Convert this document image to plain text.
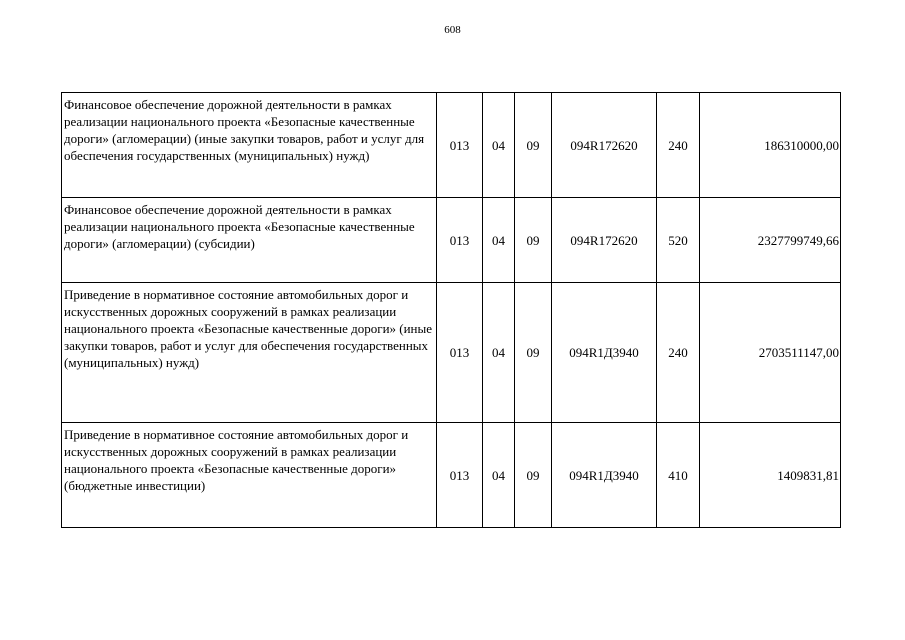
608
Финансовое обеспечение дорожной деятельности в рамках реализации национального проекта «Безопасные качественные дороги» (агломерации) (иные закупки товаров, работ и услуг для обеспечения государственных (муниципальных) нужд)	013	04	09	094R172620	240	186310000,00
Финансовое обеспечение дорожной деятельности в рамках реализации национального проекта «Безопасные качественные дороги» (агломерации) (субсидии)	013	04	09	094R172620	520	2327799749,66
Приведение в нормативное состояние автомобильных дорог и искусственных дорожных сооружений в рамках реализации национального проекта «Безопасные качественные дороги» (иные закупки товаров, работ и услуг для обеспечения государственных (муниципальных) нужд)	013	04	09	094R1Д3940	240	2703511147,00
Приведение в нормативное состояние автомобильных дорог и искусственных дорожных сооружений в рамках реализации национального проекта «Безопасные качественные дороги» (бюджетные инвестиции)	013	04	09	094R1Д3940	410	1409831,81
